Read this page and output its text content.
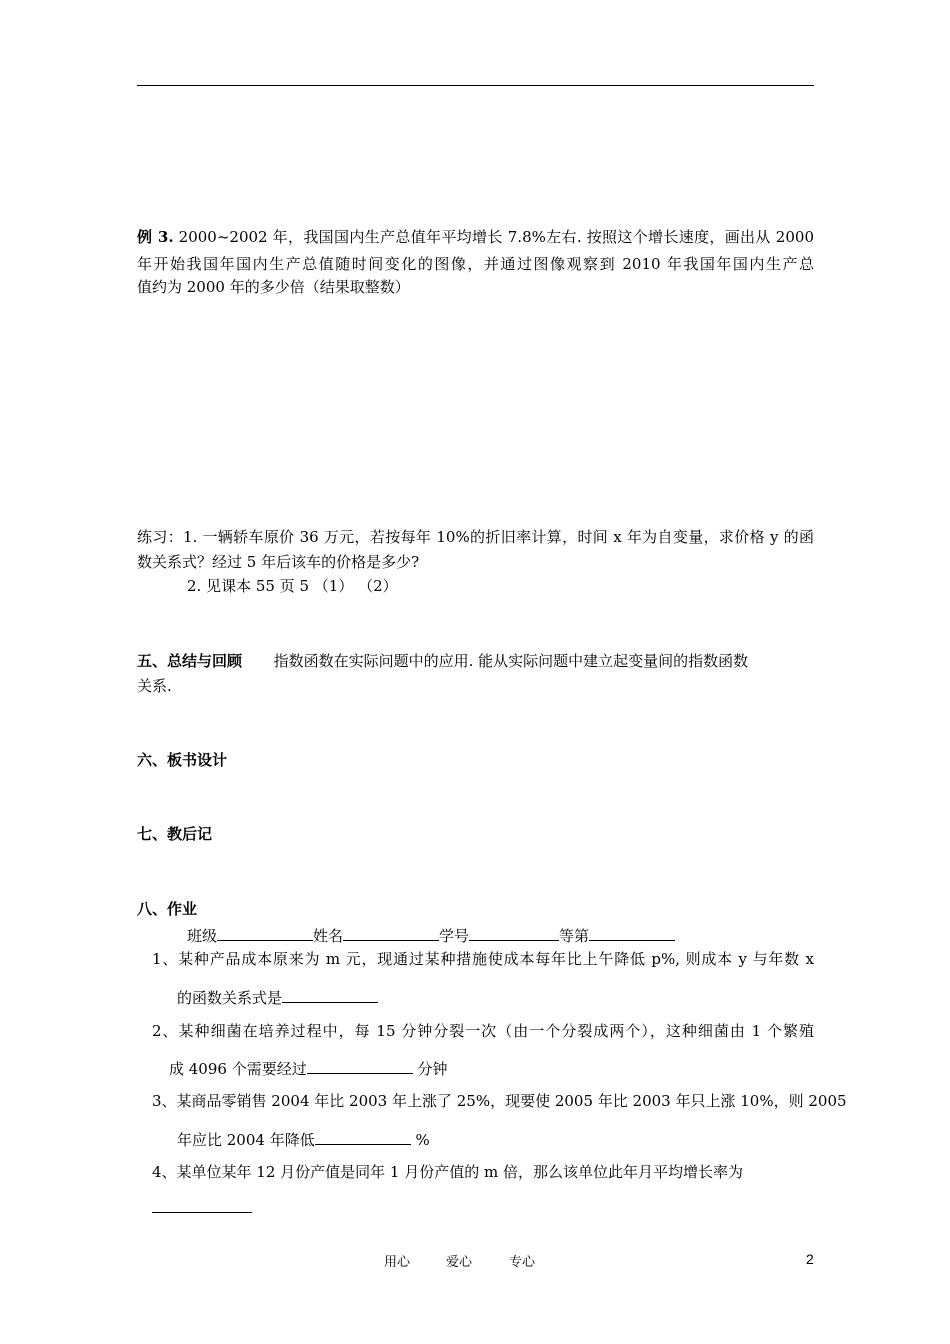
例 3. 2000~2002 年，我国国内生产总值年平均增长 7.8%左右. 按照这个增长速度，画出从 2000
年开始我国年国内生产总值随时间变化的图像，并通过图像观察到 2010 年我国年国内生产总
值约为 2000 年的多少倍（结果取整数）
练习：1. 一辆轿车原价 36 万元，若按每年 10%的折旧率计算，时间 x 年为自变量，求价格 y 的函
数关系式？经过 5 年后该车的价格是多少?
2. 见课本 55 页 5 （1） （2）
五、总结与回顾 指数函数在实际问题中的应用. 能从实际问题中建立起变量间的指数函数
关系.
六、板书设计
七、教后记
八、作业
班级	姓名	学号	等第
1、某种产品成本原来为 m 元，现通过某种措施使成本每年比上午降低 p%, 则成本 y 与年数 x
的函数关系式是
2、某种细菌在培养过程中，每 15 分钟分裂一次（由一个分裂成两个），这种细菌由 1 个繁殖
成 4096 个需要经过	分钟
3、某商品零销售 2004 年比 2003 年上涨了 25%，现要使 2005 年比 2003 年只上涨 10%，则 2005
年应比 2004 年降低	%
4、某单位某年 12 月份产值是同年 1 月份产值的 m 倍，那么该单位此年月平均增长率为
用心	爱心	专心	2
